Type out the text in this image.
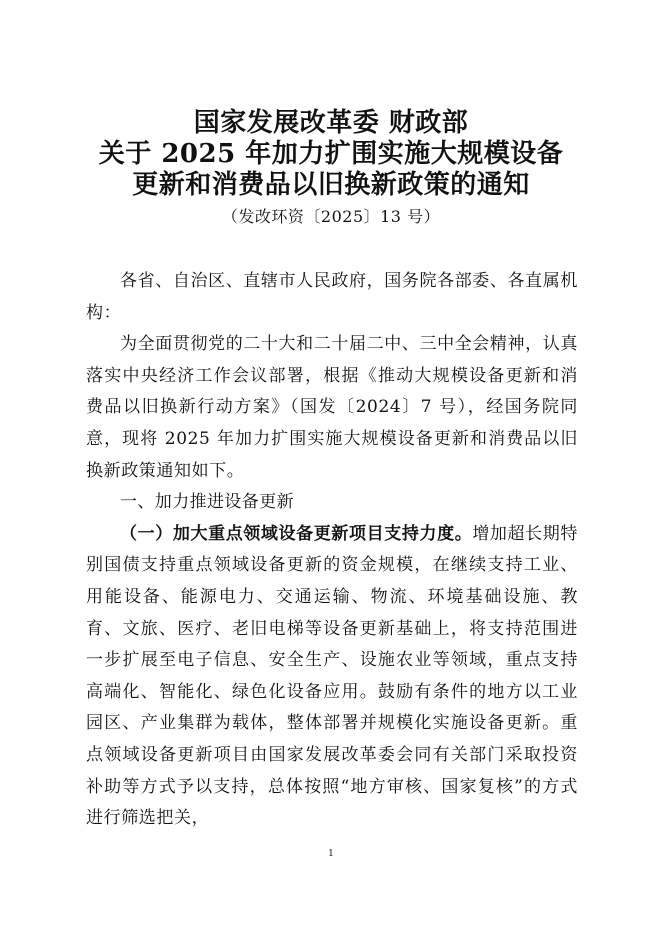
国家发展改革委 财政部
关于 2025 年加力扩围实施大规模设备
更新和消费品以旧换新政策的通知
（发改环资〔2025〕13 号）

各省、自治区、直辖市人民政府，国务院各部委、各直属机构：

为全面贯彻党的二十大和二十届二中、三中全会精神，认真落实中央经济工作会议部署，根据《推动大规模设备更新和消费品以旧换新行动方案》（国发〔2024〕7 号），经国务院同意，现将 2025 年加力扩围实施大规模设备更新和消费品以旧换新政策通知如下。

一、加力推进设备更新

（一）加大重点领域设备更新项目支持力度。增加超长期特别国债支持重点领域设备更新的资金规模，在继续支持工业、用能设备、能源电力、交通运输、物流、环境基础设施、教育、文旅、医疗、老旧电梯等设备更新基础上，将支持范围进一步扩展至电子信息、安全生产、设施农业等领域，重点支持高端化、智能化、绿色化设备应用。鼓励有条件的地方以工业园区、产业集群为载体，整体部署并规模化实施设备更新。重点领域设备更新项目由国家发展改革委会同有关部门采取投资补助等方式予以支持，总体按照“地方审核、国家复核”的方式进行筛选把关，

1
